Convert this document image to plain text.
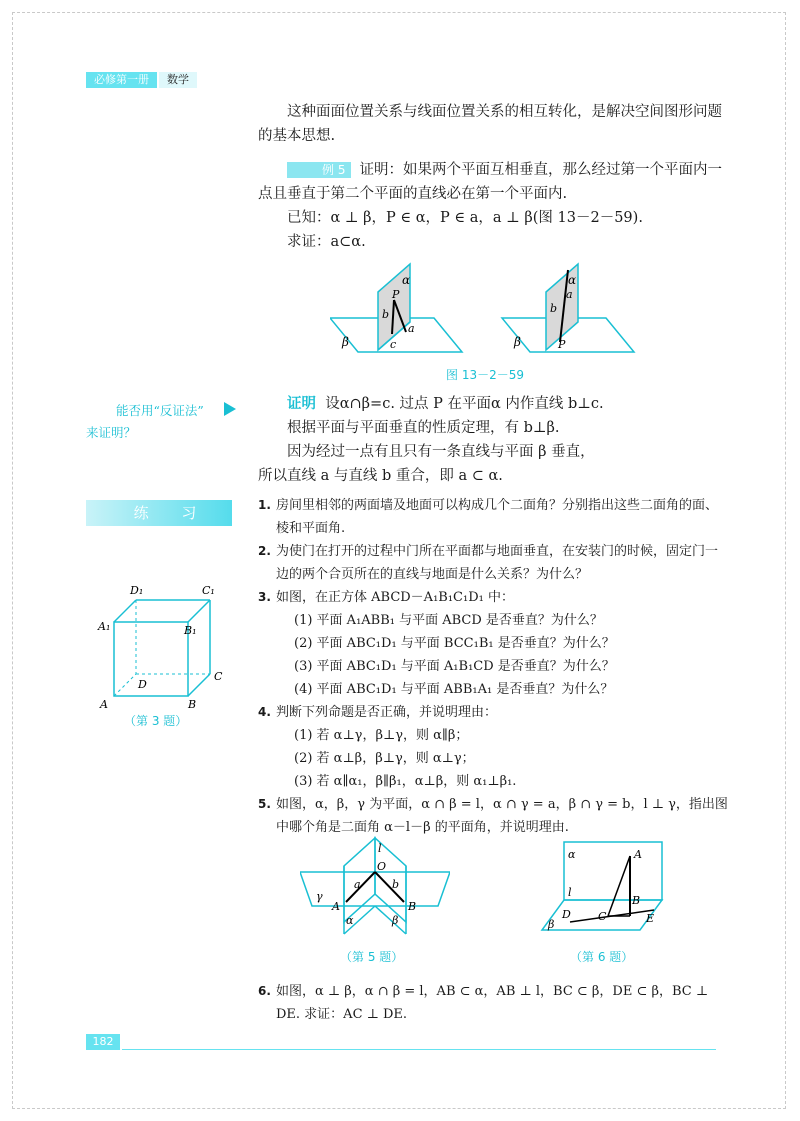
必修第一册	数学
这种面面位置关系与线面位置关系的相互转化，是解决空间图形问题的基本思想.
例 5 证明：如果两个平面互相垂直，那么经过第一个平面内一点且垂直于第二个平面的直线必在第一个平面内.
已知：α ⊥ β，P ∈ α，P ∈ a，a ⊥ β(图 13－2－59).
求证：a⊂α.
β
α
P
b
a
c	β
α
a
b
P
图 13－2－59
证明 设α∩β=c. 过点 P 在平面α 内作直线 b⊥c.
根据平面与平面垂直的性质定理，有 b⊥β.
因为经过一点有且只有一条直线与平面 β 垂直，
所以直线 a 与直线 b 重合，即 a ⊂ α.
能否用“反证法”
来证明？
练 习
A	B
C
D
A₁	B₁
C₁
D₁
（第 3 题）
1. 房间里相邻的两面墙及地面可以构成几个二面角？分别指出这些二面角的面、棱和平面角.
2. 为使门在打开的过程中门所在平面都与地面垂直，在安装门的时候，固定门一边的两个合页所在的直线与地面是什么关系？为什么？
3. 如图，在正方体 ABCD－A₁B₁C₁D₁ 中：
(1) 平面 A₁ABB₁ 与平面 ABCD 是否垂直？为什么？
(2) 平面 ABC₁D₁ 与平面 BCC₁B₁ 是否垂直？为什么？
(3) 平面 ABC₁D₁ 与平面 A₁B₁CD 是否垂直？为什么？
(4) 平面 ABC₁D₁ 与平面 ABB₁A₁ 是否垂直？为什么？
4. 判断下列命题是否正确，并说明理由：
(1) 若 α⊥γ，β⊥γ，则 α∥β；
(2) 若 α⊥β，β⊥γ，则 α⊥γ；
(3) 若 α∥α₁，β∥β₁，α⊥β，则 α₁⊥β₁.
5. 如图，α，β，γ 为平面，α ∩ β = l，α ∩ γ = a，β ∩ γ = b，l ⊥ γ，指出图中哪个角是二面角 α－l－β 的平面角，并说明理由.
l
O
a	b
γ
A	B
α	β
（第 5 题）
α	A
l
B
D C	E
β
（第 6 题）
6. 如图，α ⊥ β，α ∩ β = l，AB ⊂ α，AB ⊥ l，BC ⊂ β，DE ⊂ β，BC ⊥ DE. 求证：AC ⊥ DE.
182
